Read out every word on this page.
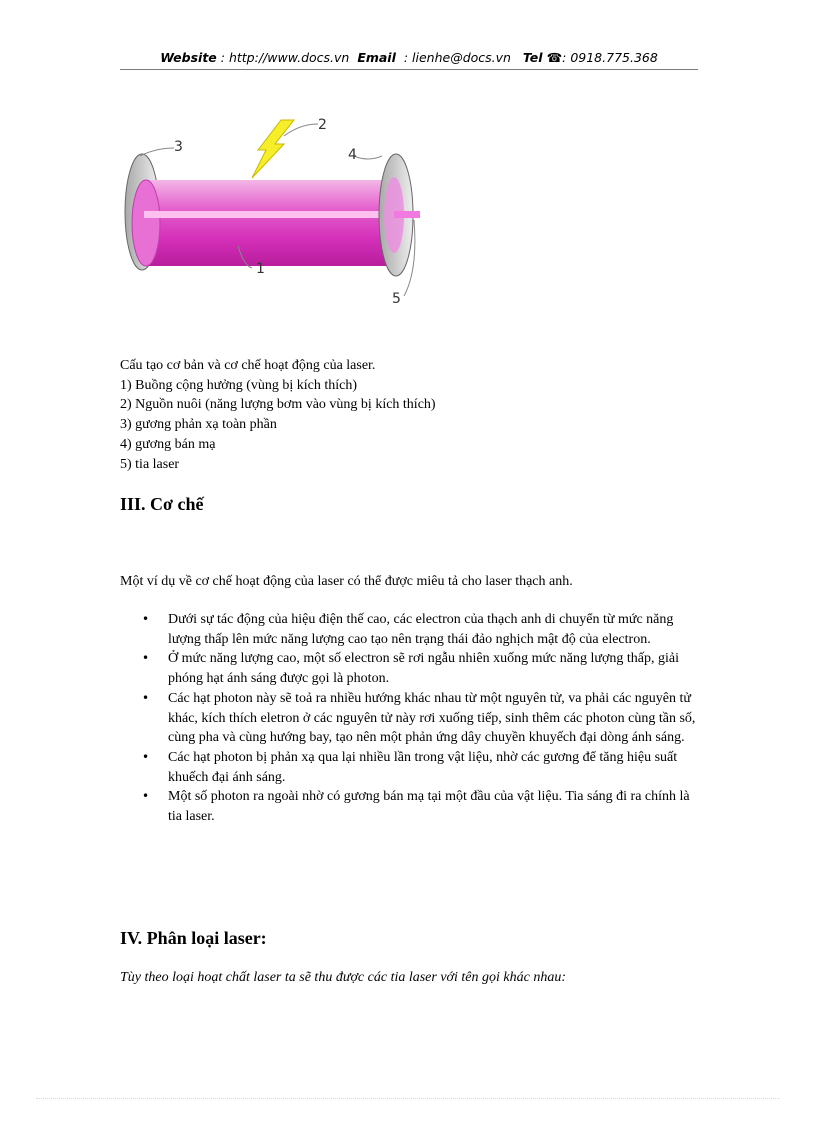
Website : http://www.docs.vn Email : lienhe@docs.vn Tel ☎: 0918.775.368
3
2
4
1
5
Cấu tạo cơ bản và cơ chế hoạt động của laser.
1) Buồng cộng hưởng (vùng bị kích thích)
2) Nguồn nuôi (năng lượng bơm vào vùng bị kích thích)
3) gương phản xạ toàn phần
4) gương bán mạ
5) tia laser
III. Cơ chế
Một ví dụ về cơ chế hoạt động của laser có thể được miêu tả cho laser thạch anh.
• Dưới sự tác động của hiệu điện thế cao, các electron của thạch anh di chuyển từ mức năng lượng thấp lên mức năng lượng cao tạo nên trạng thái đảo nghịch mật độ của electron.
• Ở mức năng lượng cao, một số electron sẽ rơi ngẫu nhiên xuống mức năng lượng thấp, giải phóng hạt ánh sáng được gọi là photon.
• Các hạt photon này sẽ toả ra nhiều hướng khác nhau từ một nguyên tử, va phải các nguyên tử khác, kích thích eletron ở các nguyên tử này rơi xuống tiếp, sinh thêm các photon cùng tần số, cùng pha và cùng hướng bay, tạo nên một phản ứng dây chuyền khuyếch đại dòng ánh sáng.
• Các hạt photon bị phản xạ qua lại nhiều lần trong vật liệu, nhờ các gương để tăng hiệu suất khuếch đại ánh sáng.
• Một số photon ra ngoài nhờ có gương bán mạ tại một đầu của vật liệu. Tia sáng đi ra chính là tia laser.
IV. Phân loại laser:
Tùy theo loại hoạt chất laser ta sẽ thu được các tia laser với tên gọi khác nhau:
